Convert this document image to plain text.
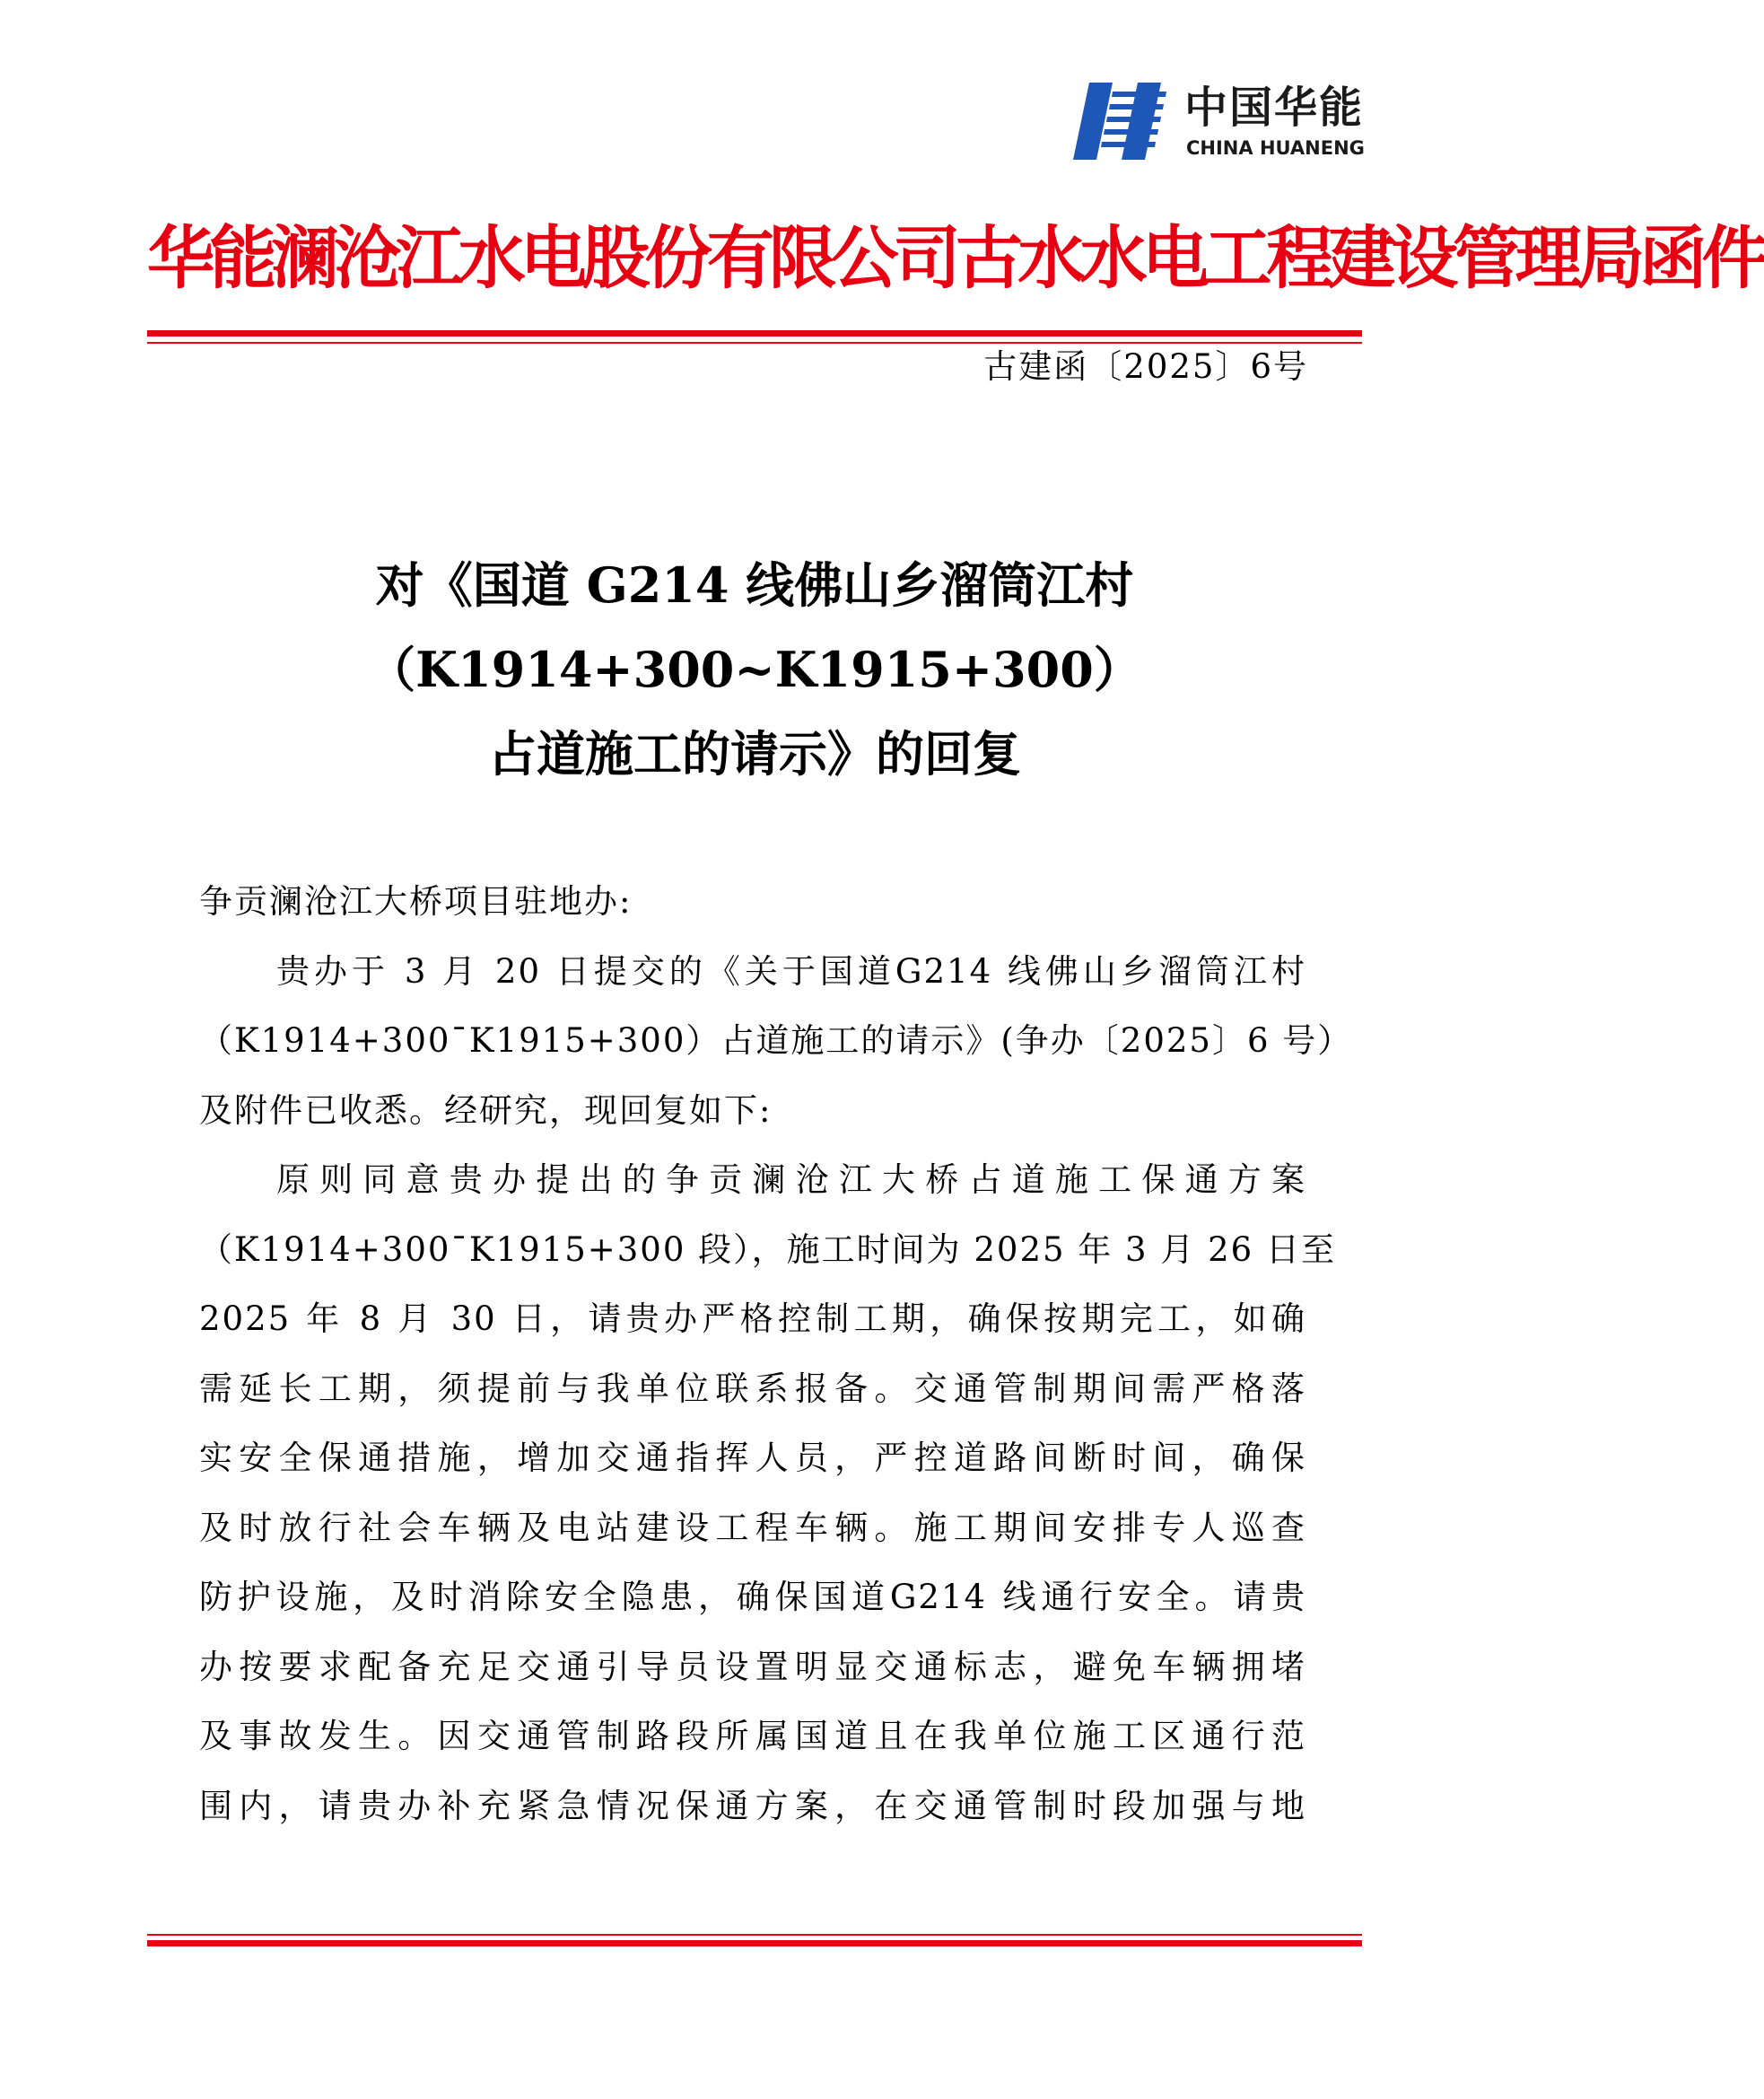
中国华能
CHINA HUANENG
华能澜沧江水电股份有限公司古水水电工程建设管理局函件
古建函〔2025〕6号
对《国道 G214 线佛山乡溜筒江村
（K1914+300~K1915+300）
占道施工的请示》的回复
争贡澜沧江大桥项目驻地办:
贵办于 3 月 20 日提交的《关于国道G214 线佛山乡溜筒江村
（K1914+300¯K1915+300）占道施工的请示》(争办〔2025〕6 号）
及附件已收悉。经研究，现回复如下:
原则同意贵办提出的争贡澜沧江大桥占道施工保通方案
（K1914+300¯K1915+300 段），施工时间为 2025 年 3 月 26 日至
2025 年 8 月 30 日，请贵办严格控制工期，确保按期完工，如确
需延长工期，须提前与我单位联系报备。交通管制期间需严格落
实安全保通措施，增加交通指挥人员，严控道路间断时间，确保
及时放行社会车辆及电站建设工程车辆。施工期间安排专人巡查
防护设施，及时消除安全隐患，确保国道G214 线通行安全。请贵
办按要求配备充足交通引导员设置明显交通标志，避免车辆拥堵
及事故发生。因交通管制路段所属国道且在我单位施工区通行范
围内，请贵办补充紧急情况保通方案，在交通管制时段加强与地
